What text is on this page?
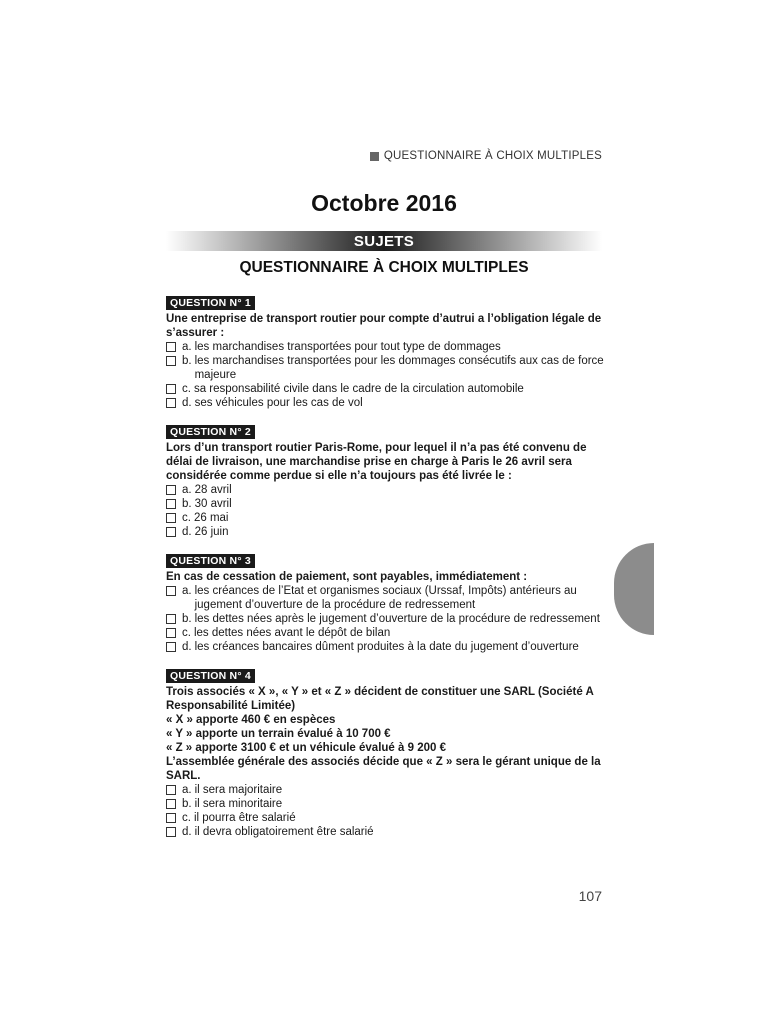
QUESTIONNAIRE À CHOIX MULTIPLES
Octobre 2016
SUJETS
QUESTIONNAIRE À CHOIX MULTIPLES
QUESTION N° 1
Une entreprise de transport routier pour compte d’autrui a l’obligation légale de s’assurer :
a. les marchandises transportées pour tout type de dommages
b. les marchandises transportées pour les dommages consécutifs aux cas de force majeure
c. sa responsabilité civile dans le cadre de la circulation automobile
d. ses véhicules pour les cas de vol
QUESTION N° 2
Lors d’un transport routier Paris-Rome, pour lequel il n’a pas été convenu de délai de livraison, une marchandise prise en charge à Paris le 26 avril sera considérée comme perdue si elle n’a toujours pas été livrée le :
a. 28 avril
b. 30 avril
c. 26 mai
d. 26 juin
QUESTION N° 3
En cas de cessation de paiement, sont payables, immédiatement :
a. les créances de l’Etat et organismes sociaux (Urssaf, Impôts) antérieurs au jugement d’ouverture de la procédure de redressement
b. les dettes nées après le jugement d’ouverture de la procédure de redressement
c. les dettes nées avant le dépôt de bilan
d. les créances bancaires dûment produites à la date du jugement d’ouverture
QUESTION N° 4
Trois associés « X », « Y » et « Z » décident de constituer une SARL (Société A Responsabilité Limitée)
« X » apporte 460 € en espèces
« Y » apporte un terrain évalué à 10 700 €
« Z » apporte 3100 € et un véhicule évalué à 9 200 €
L’assemblée générale des associés décide que « Z » sera le gérant unique de la SARL.
a. il sera majoritaire
b. il sera minoritaire
c. il pourra être salarié
d. il devra obligatoirement être salarié
107
